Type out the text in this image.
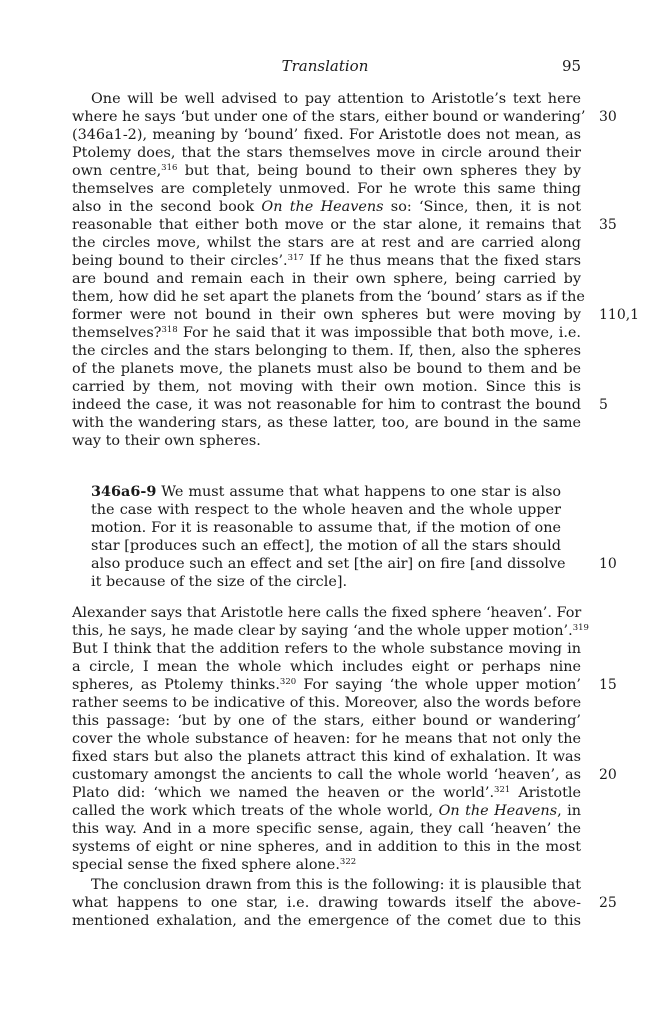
Translation	95
One will be well advised to pay attention to Aristotle’s text here
where he says ‘but under one of the stars, either bound or wandering’
(346a1-2), meaning by ‘bound’ fixed. For Aristotle does not mean, as
Ptolemy does, that the stars themselves move in circle around their
own centre,$^{316}$ but that, being bound to their own spheres they by
themselves are completely unmoved. For he wrote this same thing
also in the second book On the Heavens so: ‘Since, then, it is not
reasonable that either both move or the star alone, it remains that
the circles move, whilst the stars are at rest and are carried along
being bound to their circles’.$^{317}$ If he thus means that the fixed stars
are bound and remain each in their own sphere, being carried by
them, how did he set apart the planets from the ‘bound’ stars as if the
former were not bound in their own spheres but were moving by
themselves?$^{318}$ For he said that it was impossible that both move, i.e.
the circles and the stars belonging to them. If, then, also the spheres
of the planets move, the planets must also be bound to them and be
carried by them, not moving with their own motion. Since this is
indeed the case, it was not reasonable for him to contrast the bound
with the wandering stars, as these latter, too, are bound in the same
way to their own spheres.
346a6-9 We must assume that what happens to one star is also
the case with respect to the whole heaven and the whole upper
motion. For it is reasonable to assume that, if the motion of one
star [produces such an effect], the motion of all the stars should
also produce such an effect and set [the air] on fire [and dissolve
it because of the size of the circle].
Alexander says that Aristotle here calls the fixed sphere ‘heaven’. For
this, he says, he made clear by saying ‘and the whole upper motion’.$^{319}$
But I think that the addition refers to the whole substance moving in
a circle, I mean the whole which includes eight or perhaps nine
spheres, as Ptolemy thinks.$^{320}$ For saying ‘the whole upper motion’
rather seems to be indicative of this. Moreover, also the words before
this passage: ‘but by one of the stars, either bound or wandering’
cover the whole substance of heaven: for he means that not only the
fixed stars but also the planets attract this kind of exhalation. It was
customary amongst the ancients to call the whole world ‘heaven’, as
Plato did: ‘which we named the heaven or the world’.$^{321}$ Aristotle
called the work which treats of the whole world, On the Heavens, in
this way. And in a more specific sense, again, they call ‘heaven’ the
systems of eight or nine spheres, and in addition to this in the most
special sense the fixed sphere alone.$^{322}$
The conclusion drawn from this is the following: it is plausible that
what happens to one star, i.e. drawing towards itself the above-
mentioned exhalation, and the emergence of the comet due to this
30
35
110,1
5
10
15
20
25
